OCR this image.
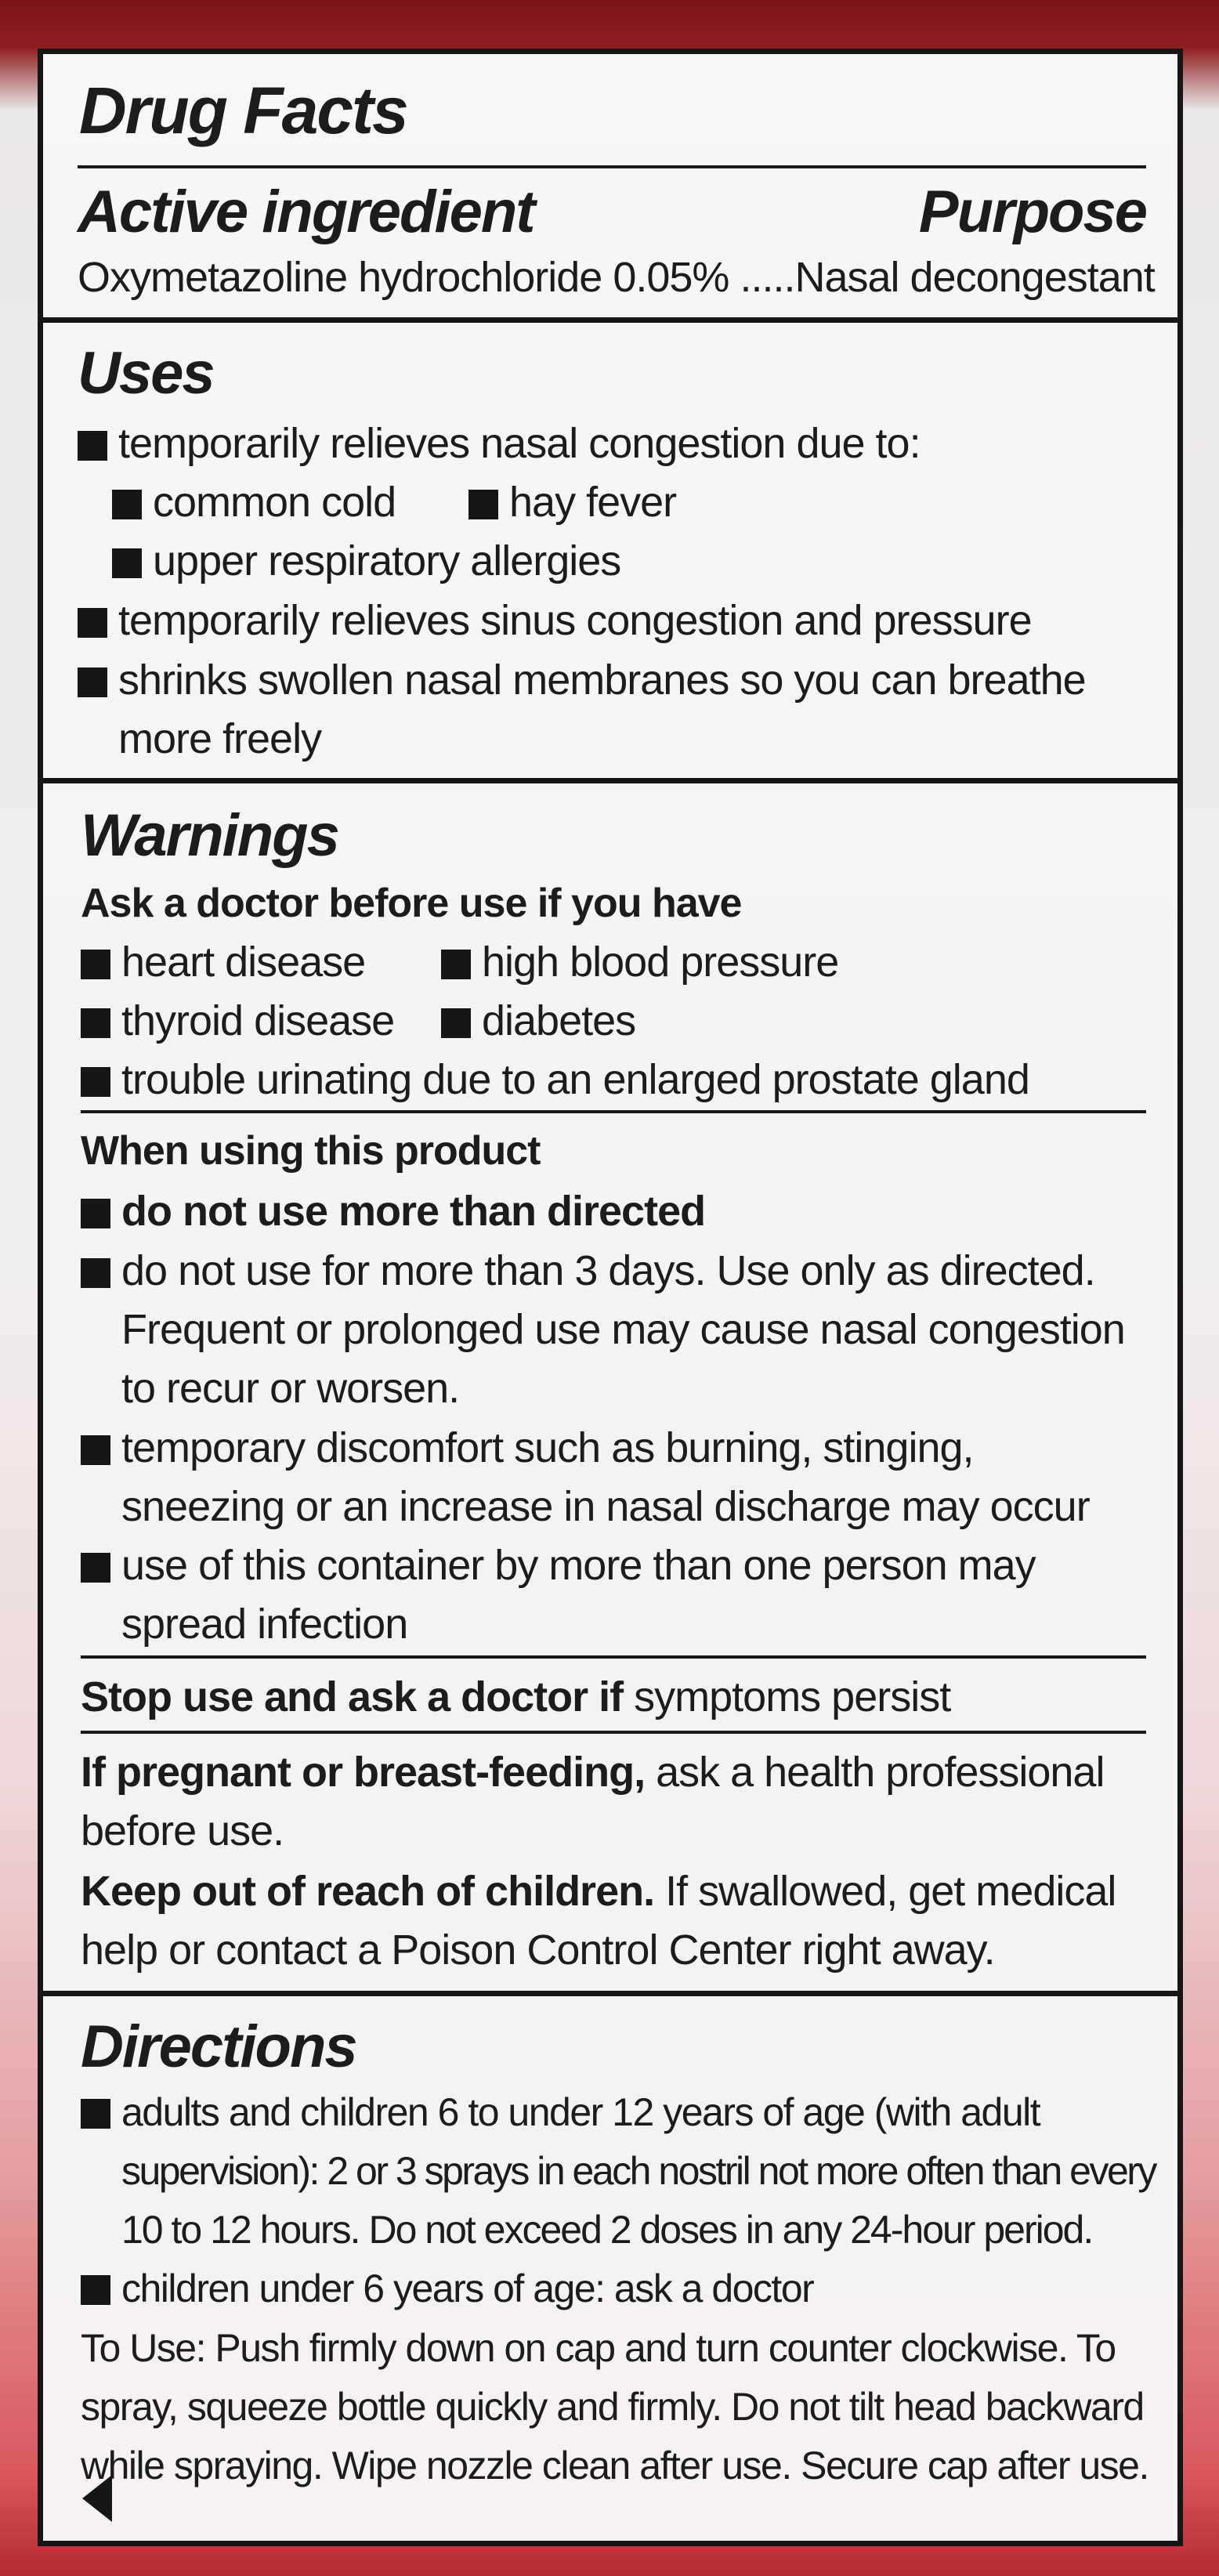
Drug Facts
Active ingredient	Purpose
Oxymetazoline hydrochloride 0.05% .....Nasal decongestant
Uses
temporarily relieves nasal congestion due to:
common cold	hay fever
upper respiratory allergies
temporarily relieves sinus congestion and pressure
shrinks swollen nasal membranes so you can breathe
more freely
Warnings
Ask a doctor before use if you have
heart disease	high blood pressure
thyroid disease	diabetes
trouble urinating due to an enlarged prostate gland
When using this product
do not use more than directed
do not use for more than 3 days. Use only as directed.
Frequent or prolonged use may cause nasal congestion
to recur or worsen.
temporary discomfort such as burning, stinging,
sneezing or an increase in nasal discharge may occur
use of this container by more than one person may
spread infection
Stop use and ask a doctor if symptoms persist
If pregnant or breast-feeding, ask a health professional
before use.
Keep out of reach of children. If swallowed, get medical
help or contact a Poison Control Center right away.
Directions
adults and children 6 to under 12 years of age (with adult
supervision): 2 or 3 sprays in each nostril not more often than every
10 to 12 hours. Do not exceed 2 doses in any 24-hour period.
children under 6 years of age: ask a doctor
To Use: Push firmly down on cap and turn counter clockwise. To
spray, squeeze bottle quickly and firmly. Do not tilt head backward
while spraying. Wipe nozzle clean after use. Secure cap after use.
